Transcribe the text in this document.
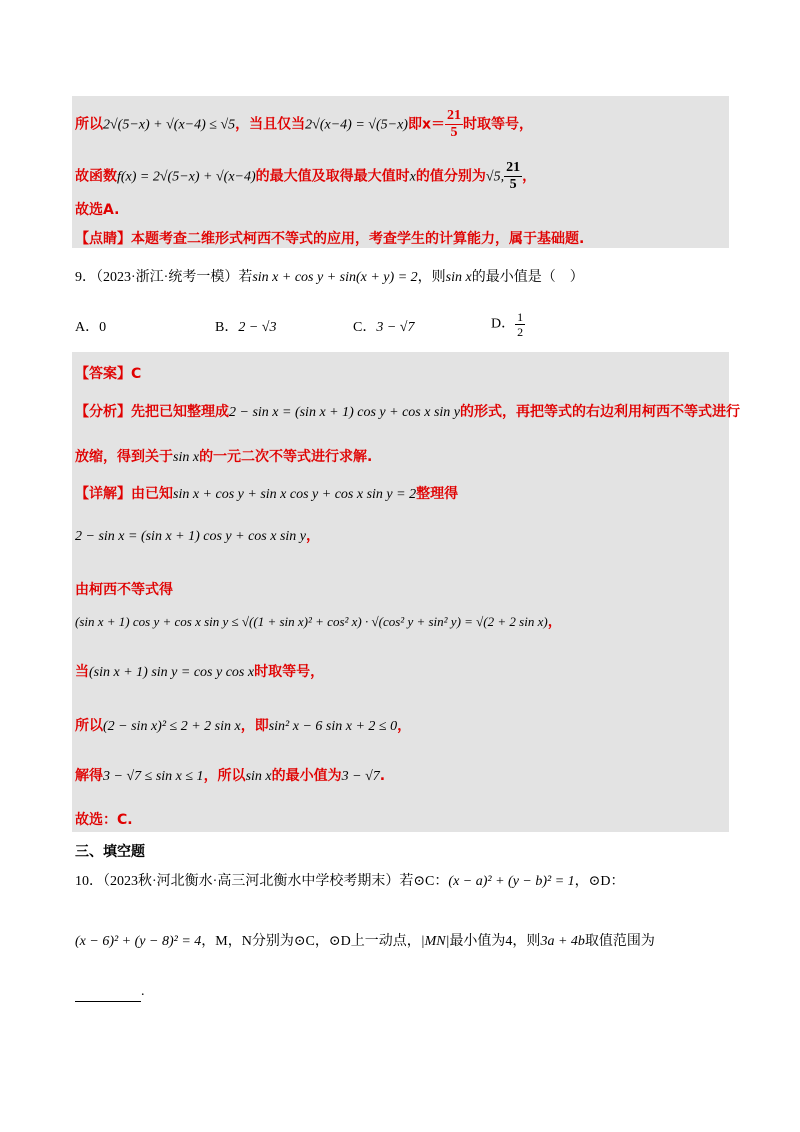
所以2√(5−x) + √(x−4) ≤ √5，当且仅当2√(x−4) = √(5−x)即$x= \frac{21}{5}$ 时取等号，
故函数f(x) = 2√(5−x) + √(x−4)的最大值及取得最大值时x的值分别为√5, $\frac{21}{5}$ ，
故选A.
【点睛】本题考查二维形式柯西不等式的应用，考查学生的计算能力，属于基础题.
9．（2023·浙江·统考一模）若sin x + cos y + sin(x + y) = 2，则sin x的最小值是（　）
A．0	B．2 − √3	C．3 − √7	D． $\frac{1}{2}$
【答案】C
【分析】先把已知整理成2 − sin x = (sin x + 1) cos y + cos x sin y的形式，再把等式的右边利用柯西不等式进行
放缩，得到关于sin x的一元二次不等式进行求解.
【详解】由已知sin x + cos y + sin x cos y + cos x sin y = 2整理得
2 − sin x = (sin x + 1) cos y + cos x sin y，
由柯西不等式得
(sin x + 1) cos y + cos x sin y ≤ √((1 + sin x)² + cos² x) · √(cos² y + sin² y) = √(2 + 2 sin x)，
当(sin x + 1) sin y = cos y cos x时取等号，
所以(2 − sin x)² ≤ 2 + 2 sin x，即sin² x − 6 sin x + 2 ≤ 0，
解得3 − √7 ≤ sin x ≤ 1，所以sin x的最小值为3 − √7.
故选：C.
三、填空题
10．（2023秋·河北衡水·高三河北衡水中学校考期末）若⊙C：(x − a)² + (y − b)² = 1，⊙D：
(x − 6)² + (y − 8)² = 4，M，N分别为⊙C，⊙D上一动点，|MN|最小值为4，则3a + 4b取值范围为
.
